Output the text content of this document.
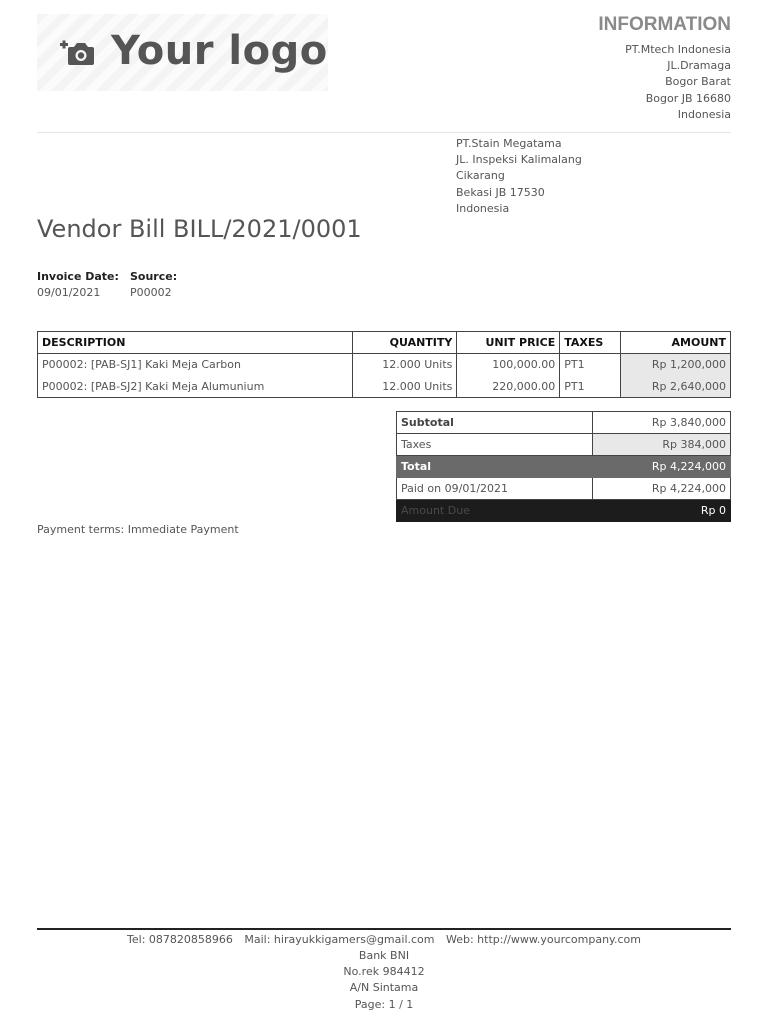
Your logo
INFORMATION
PT.Mtech Indonesia
JL.Dramaga
Bogor Barat
Bogor JB 16680
Indonesia
PT.Stain Megatama
JL. Inspeksi Kalimalang
Cikarang
Bekasi JB 17530
Indonesia
Vendor Bill BILL/2021/0001
Invoice Date:
09/01/2021
Source:
P00002
DESCRIPTION	QUANTITY	UNIT PRICE	TAXES	AMOUNT
P00002: [PAB-SJ1] Kaki Meja Carbon	12.000 Units	100,000.00	PT1	Rp 1,200,000
P00002: [PAB-SJ2] Kaki Meja Alumunium	12.000 Units	220,000.00	PT1	Rp 2,640,000
Subtotal	Rp 3,840,000
Taxes	Rp 384,000
Total	Rp 4,224,000
Paid on 09/01/2021	Rp 4,224,000
Amount Due	Rp 0
Payment terms: Immediate Payment
Tel: 087820858966 Mail: hirayukkigamers@gmail.com Web: http://www.yourcompany.com
Bank BNI
No.rek 984412
A/N Sintama
Page: 1 / 1
